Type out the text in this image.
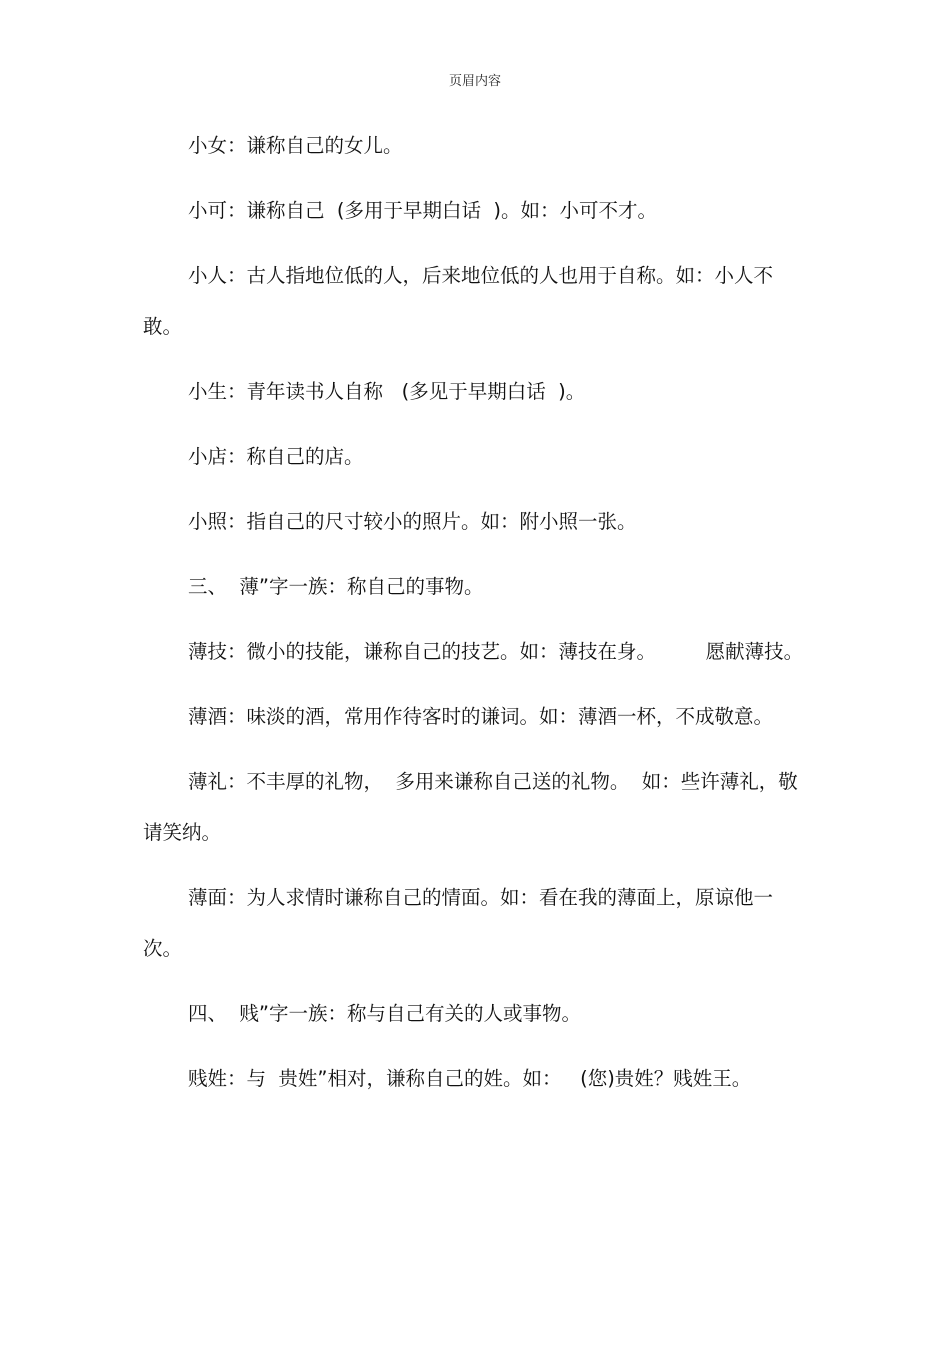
页眉内容

小女：谦称自己的女儿。

小可：谦称自己  (多用于早期白话  )。如：小可不才。

小人：古人指地位低的人，后来地位低的人也用于自称。如：小人不敢。

小生：青年读书人自称   (多见于早期白话  )。

小店：称自己的店。

小照：指自己的尺寸较小的照片。如：附小照一张。

三、  薄”字一族：称自己的事物。

薄技：微小的技能，谦称自己的技艺。如：薄技在身。        愿献薄技。

薄酒：味淡的酒，常用作待客时的谦词。如：薄酒一杯，不成敬意。

薄礼：不丰厚的礼物，  多用来谦称自己送的礼物。  如：些许薄礼，敬请笑纳。

薄面：为人求情时谦称自己的情面。如：看在我的薄面上，原谅他一次。

四、  贱”字一族：称与自己有关的人或事物。

贱姓：与  贵姓”相对，谦称自己的姓。如：   (您)贵姓？贱姓王。
